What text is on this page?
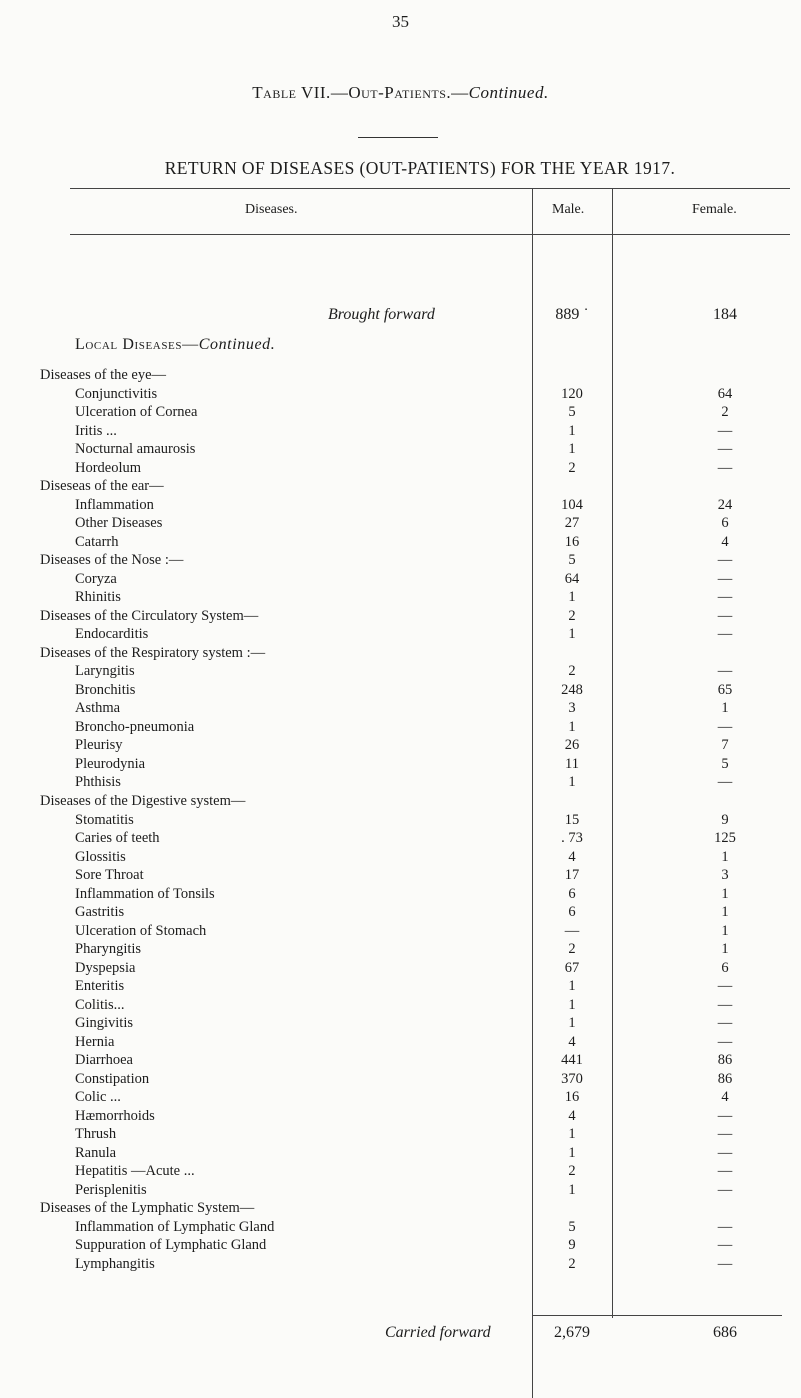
35
Table VII.—Out-Patients.—Continued.
RETURN OF DISEASES (OUT-PATIENTS) FOR THE YEAR 1917.
Diseases.	Male.	Female.
Brought forward	889 ˙	184
Local Diseases—Continued.
Diseases of the eye—
Conjunctivitis	120	64
Ulceration of Cornea	5	2
Iritis ...	1	—
Nocturnal amaurosis	1	—
Hordeolum	2	—
Diseseas of the ear—
Inflammation	104	24
Other Diseases	27	6
Catarrh	16	4
Diseases of the Nose :—	5	—
Coryza	64	—
Rhinitis	1	—
Diseases of the Circulatory System—	2	—
Endocarditis	1	—
Diseases of the Respiratory system :—
Laryngitis	2	—
Bronchitis	248	65
Asthma	3	1
Broncho-pneumonia	1	—
Pleurisy	26	7
Pleurodynia	11	5
Phthisis	1	—
Diseases of the Digestive system—
Stomatitis	15	9
Caries of teeth	. 73	125
Glossitis	4	1
Sore Throat	17	3
Inflammation of Tonsils	6	1
Gastritis	6	1
Ulceration of Stomach	—	1
Pharyngitis	2	1
Dyspepsia	67	6
Enteritis	1	—
Colitis...	1	—
Gingivitis	1	—
Hernia	4	—
Diarrhoea	441	86
Constipation	370	86
Colic ...	16	4
Hæmorrhoids	4	—
Thrush	1	—
Ranula	1	—
Hepatitis —Acute ...	2	—
Perisplenitis	1	—
Diseases of the Lymphatic System—
Inflammation of Lymphatic Gland	5	—
Suppuration of Lymphatic Gland	9	—
Lymphangitis	2	—
Carried forward	2,679	686
